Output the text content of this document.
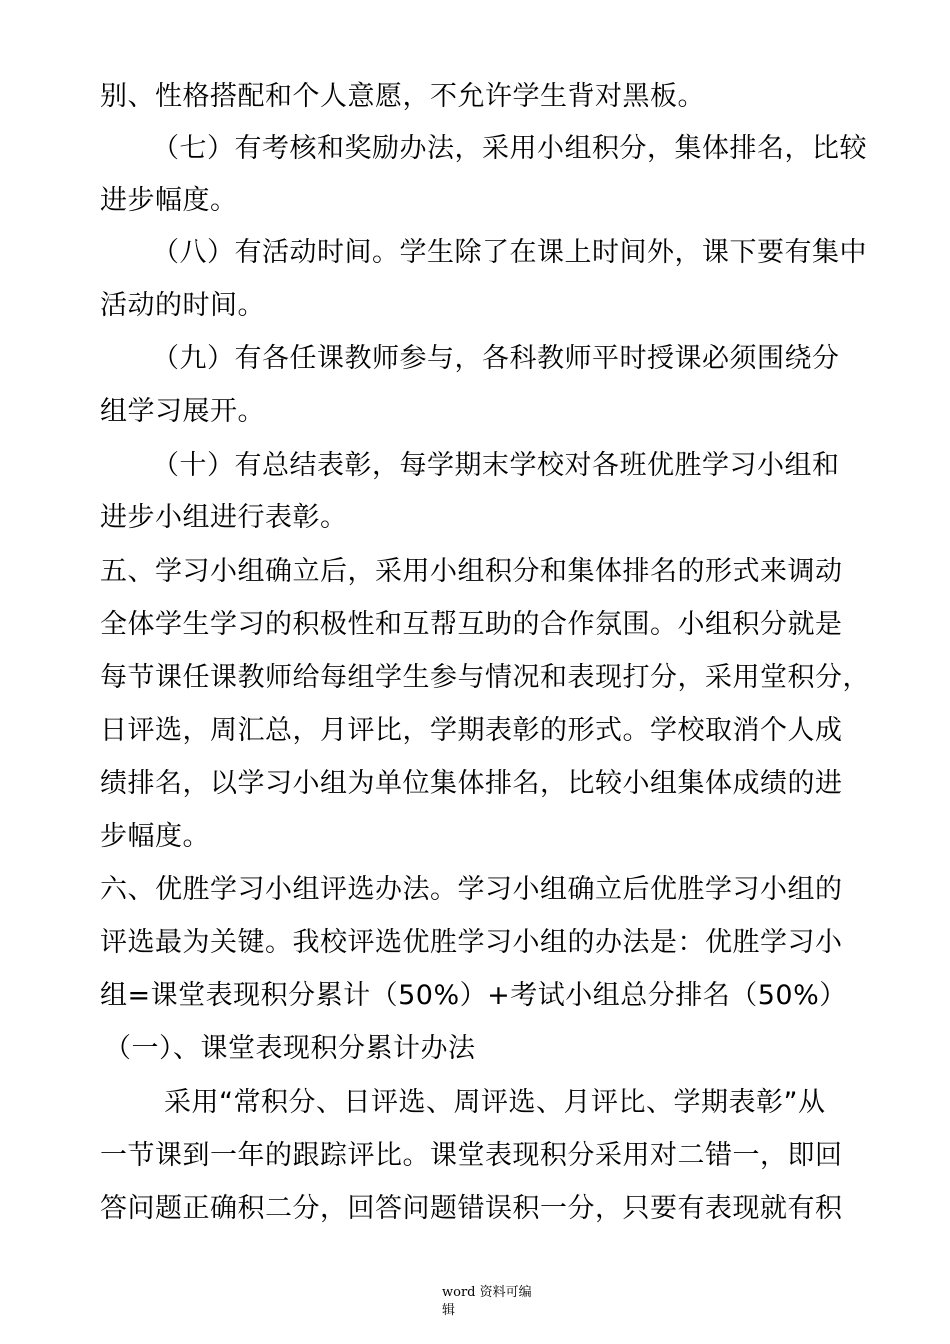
别、性格搭配和个人意愿，不允许学生背对黑板。
（七）有考核和奖励办法，采用小组积分，集体排名，比较
进步幅度。
（八）有活动时间。学生除了在课上时间外，课下要有集中
活动的时间。
（九）有各任课教师参与，各科教师平时授课必须围绕分
组学习展开。
（十）有总结表彰，每学期末学校对各班优胜学习小组和
进步小组进行表彰。
五、学习小组确立后，采用小组积分和集体排名的形式来调动
全体学生学习的积极性和互帮互助的合作氛围。小组积分就是
每节课任课教师给每组学生参与情况和表现打分，采用堂积分，
日评选，周汇总，月评比，学期表彰的形式。学校取消个人成
绩排名，以学习小组为单位集体排名，比较小组集体成绩的进
步幅度。
六、优胜学习小组评选办法。学习小组确立后优胜学习小组的
评选最为关键。我校评选优胜学习小组的办法是：优胜学习小
组=课堂表现积分累计（50%）+考试小组总分排名（50%）
（一）、课堂表现积分累计办法
采用“常积分、日评选、周评选、月评比、学期表彰”从
一节课到一年的跟踪评比。课堂表现积分采用对二错一，即回
答问题正确积二分，回答问题错误积一分，只要有表现就有积
word 资料可编
辑
